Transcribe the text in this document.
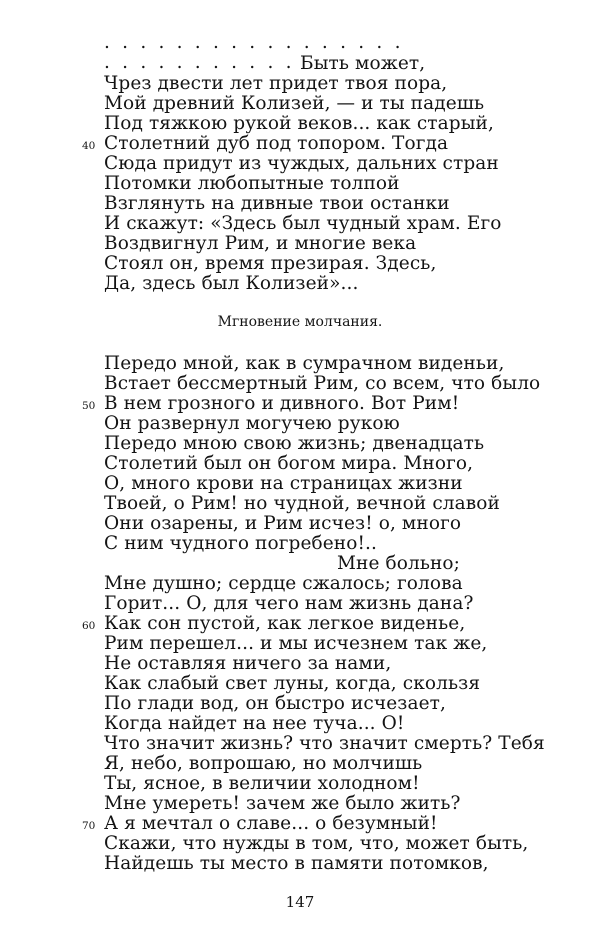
. . . . . . . . . . . . . . . . .
. . . . . . . . . . . Быть может,
Чрез двести лет придет твоя пора,
Мой древний Колизей, — и ты падешь
Под тяжкою рукой веков... как старый,
40 Столетний дуб под топором. Тогда
Сюда придут из чуждых, дальних стран
Потомки любопытные толпой
Взглянуть на дивные твои останки
И скажут: «Здесь был чудный храм. Его
Воздвигнул Рим, и многие века
Стоял он, время презирая. Здесь,
Да, здесь был Колизей»...
Мгновение молчания.
Передо мной, как в сумрачном виденьи,
Встает бессмертный Рим, со всем, что было
50 В нем грозного и дивного. Вот Рим!
Он развернул могучею рукою
Передо мною свою жизнь; двенадцать
Столетий был он богом мира. Много,
О, много крови на страницах жизни
Твоей, о Рим! но чудной, вечной славой
Они озарены, и Рим исчез! о, много
С ним чудного погребено!..
Мне больно;
Мне душно; сердце сжалось; голова
Горит... О, для чего нам жизнь дана?
60 Как сон пустой, как легкое виденье,
Рим перешел... и мы исчезнем так же,
Не оставляя ничего за нами,
Как слабый свет луны, когда, скользя
По глади вод, он быстро исчезает,
Когда найдет на нее туча... О!
Что значит жизнь? что значит смерть? Тебя
Я, небо, вопрошаю, но молчишь
Ты, ясное, в величии холодном!
Мне умереть! зачем же было жить?
70 А я мечтал о славе... о безумный!
Скажи, что нужды в том, что, может быть,
Найдешь ты место в памяти потомков,
147
